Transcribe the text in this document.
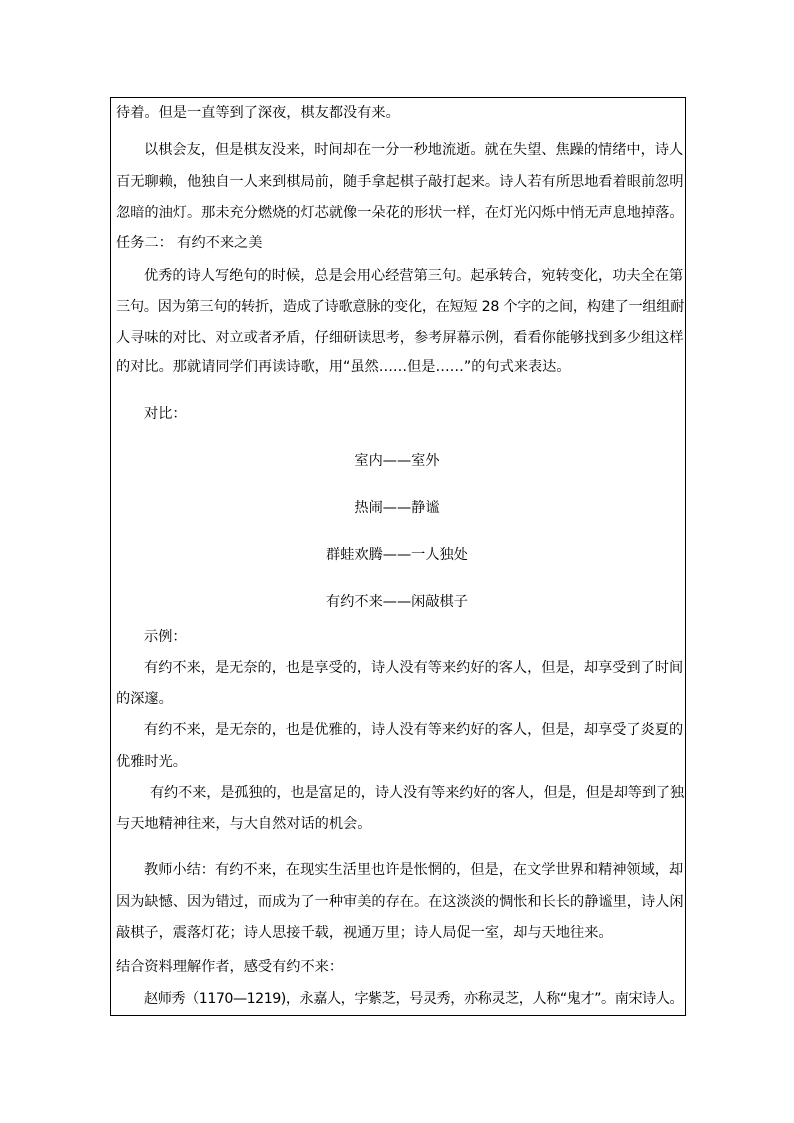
待着。但是一直等到了深夜，棋友都没有来。
以棋会友，但是棋友没来，时间却在一分一秒地流逝。就在失望、焦躁的情绪中，诗人
百无聊赖，他独自一人来到棋局前，随手拿起棋子敲打起来。诗人若有所思地看着眼前忽明
忽暗的油灯。那未充分燃烧的灯芯就像一朵花的形状一样，在灯光闪烁中悄无声息地掉落。
任务二： 有约不来之美
优秀的诗人写绝句的时候，总是会用心经营第三句。起承转合，宛转变化，功夫全在第
三句。因为第三句的转折，造成了诗歌意脉的变化，在短短 28 个字的之间，构建了一组组耐
人寻味的对比、对立或者矛盾，仔细研读思考，参考屏幕示例，看看你能够找到多少组这样
的对比。那就请同学们再读诗歌，用“虽然……但是……”的句式来表达。
对比：
室内——室外
热闹——静谧
群蛙欢腾——一人独处
有约不来——闲敲棋子
示例：
有约不来，是无奈的，也是享受的，诗人没有等来约好的客人，但是，却享受到了时间
的深邃。
有约不来，是无奈的，也是优雅的，诗人没有等来约好的客人，但是，却享受了炎夏的
优雅时光。
有约不来，是孤独的，也是富足的，诗人没有等来约好的客人，但是，但是却等到了独
与天地精神往来，与大自然对话的机会。
教师小结：有约不来，在现实生活里也许是怅惘的，但是，在文学世界和精神领域，却
因为缺憾、因为错过，而成为了一种审美的存在。在这淡淡的惆怅和长长的静谧里，诗人闲
敲棋子，震落灯花；诗人思接千载，视通万里；诗人局促一室，却与天地往来。
结合资料理解作者，感受有约不来：
赵师秀（1170—1219)，永嘉人，字紫芝，号灵秀，亦称灵芝，人称“鬼才”。南宋诗人。
